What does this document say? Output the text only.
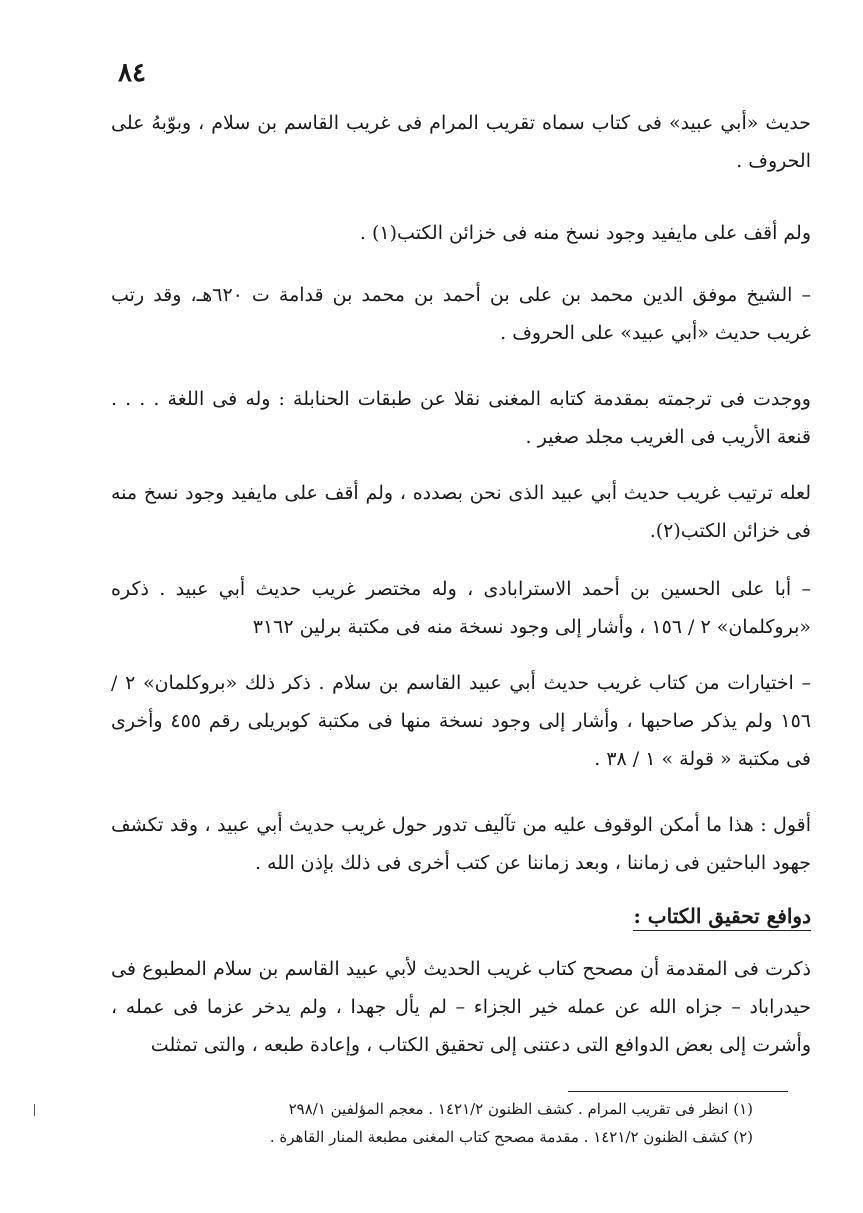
٨٤

حديث «أبي عبيد» فى كتاب سماه تقريب المرام فى غريب القاسم بن سلام ، وبوّبهُ على الحروف .

ولم أقف على مايفيد وجود نسخ منه فى خزائن الكتب(١) .

– الشيخ موفق الدين محمد بن على بن أحمد بن محمد بن قدامة ت ٦٢٠هـ، وقد رتب غريب حديث «أبي عبيد» على الحروف .

ووجدت فى ترجمته بمقدمة كتابه المغنى نقلا عن طبقات الحنابلة : وله فى اللغة . . . . قنعة الأريب فى الغريب مجلد صغير .

لعله ترتيب غريب حديث أبي عبيد الذى نحن بصدده ، ولم أقف على مايفيد وجود نسخ منه فى خزائن الكتب(٢).

– أبا على الحسين بن أحمد الاسترابادى ، وله مختصر غريب حديث أبي عبيد . ذكره «بروكلمان» ٢ / ١٥٦ ، وأشار إلى وجود نسخة منه فى مكتبة برلين ٣١٦٢

– اختيارات من كتاب غريب حديث أبي عبيد القاسم بن سلام . ذكر ذلك «بروكلمان» ٢ / ١٥٦ ولم يذكر صاحبها ، وأشار إلى وجود نسخة منها فى مكتبة كوبريلى رقم ٤٥٥ وأخرى فى مكتبة « قولة » ١ / ٣٨ .

أقول : هذا ما أمكن الوقوف عليه من تآليف تدور حول غريب حديث أبي عبيد ، وقد تكشف جهود الباحثين فى زماننا ، وبعد زماننا عن كتب أخرى فى ذلك بإذن الله .

دوافع تحقيق الكتاب :

ذكرت فى المقدمة أن مصحح كتاب غريب الحديث لأبي عبيد القاسم بن سلام المطبوع فى حيدراباد – جزاه الله عن عمله خير الجزاء – لم يأل جهدا ، ولم يدخر عزما فى عمله ، وأشرت إلى بعض الدوافع التى دعتنى إلى تحقيق الكتاب ، وإعادة طبعه ، والتى تمثلت

(١) انظر فى تقريب المرام . كشف الظنون ١٤٢١/٢ . معجم المؤلفين ٢٩٨/١

(٢) كشف الظنون ١٤٢١/٢ . مقدمة مصحح كتاب المغنى مطبعة المنار القاهرة .
